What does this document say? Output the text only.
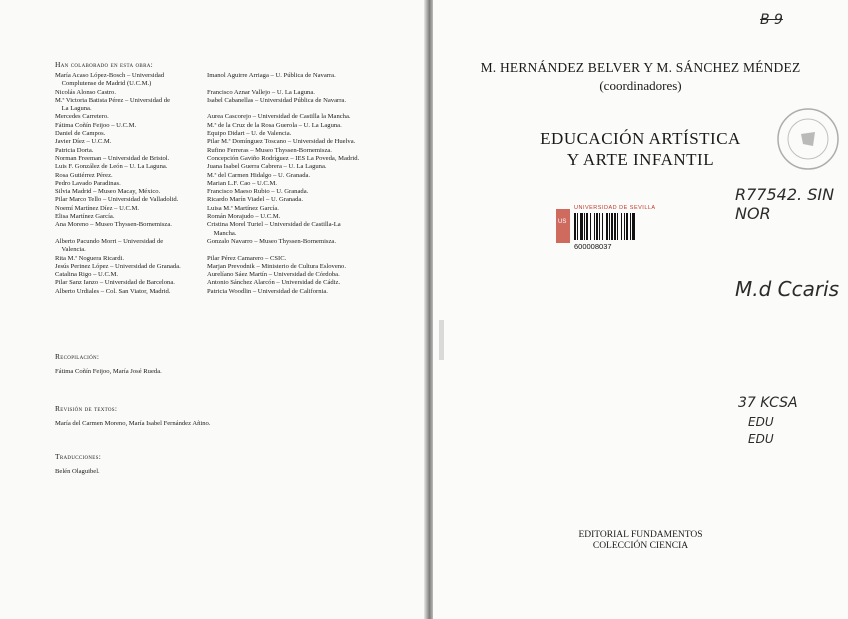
Han colaborado en esta obra:
María Acaso López-Bosch – Universidad
Complutense de Madrid (U.C.M.)
Nicolás Alonso Castro.
M.ª Victoria Batista Pérez – Universidad de
La Laguna.
Mercedes Carretero.
Fátima Coñín Feijoo – U.C.M.
Daniel de Campos.
Javier Díez – U.C.M.
Patricia Dorta.
Norman Freeman – Universidad de Bristol.
Luis F. González de León – U. La Laguna.
Rosa Gutiérrez Pérez.
Pedro Lavado Paradinas.
Silvia Madrid – Museo Macay, México.
Pilar Marco Tello – Universidad de Valladolid.
Noemí Martínez Díez – U.C.M.
Elisa Martínez García.
Ana Moreno – Museo Thyssen-Bornemisza.

Alberto Pacundo Morri – Universidad de
Valencia.
Rita M.ª Noguera Ricardi.
Jesús Perinez López – Universidad de Granada.
Catalina Rigo – U.C.M.
Pilar Sanz Ianzo – Universidad de Barcelona.
Alberto Urdiales – Col. San Viator, Madrid.
Imanol Aguirre Arriaga – U. Pública de Navarra.

Francisco Aznar Vallejo – U. La Laguna.
Isabel Cabanellas – Universidad Pública de Navarra.

Aurea Cascorejo – Universidad de Castilla la Mancha.
M.ª de la Cruz de la Rosa Guerola – U. La Laguna.
Equipo Didart – U. de Valencia.
Pilar M.ª Domínguez Toscano – Universidad de Huelva.
Rufino Ferreras – Museo Thyssen-Bornemisza.
Concepción Gaviño Rodríguez – IES La Poveda, Madrid.
Juana Isabel Guerra Cabrera – U. La Laguna.
M.ª del Carmen Hidalgo – U. Granada.
Marian L.F. Cao – U.C.M.
Francisco Maeso Rubio – U. Granada.
Ricardo Marín Viadel – U. Granada.
Luisa M.ª Martínez García.
Román Morajudo – U.C.M.
Cristina Morel Turiel – Universidad de Castilla-La
Mancha.
Gonzalo Navarro – Museo Thyssen-Bornemisza.

Pilar Pérez Camarero – CSIC.
Marjan Prevodnik – Ministerio de Cultura Esloveno.
Aurelíano Sáez Martín – Universidad de Córdoba.
Antonio Sánchez Alarcón – Universidad de Cádiz.
Patricia Woodlin – Universidad de California.
Recopilación:
Fátima Coñín Feijoo, María José Rueda.
Revisión de textos:
María del Carmen Moreno, María Isabel Fernández Añino.
Traducciones:
Belén Olaguibel.
M. HERNÁNDEZ BELVER Y M. SÁNCHEZ MÉNDEZ
(coordinadores)
EDUCACIÓN ARTÍSTICA
Y ARTE INFANTIL
EDITORIAL FUNDAMENTOS
COLECCIÓN CIENCIA
B 9
R77542. SIN NOR
M.d Ccaris
37 KCSA
EDU
EDU
US
UNIVERSIDAD DE SEVILLA
600008037
